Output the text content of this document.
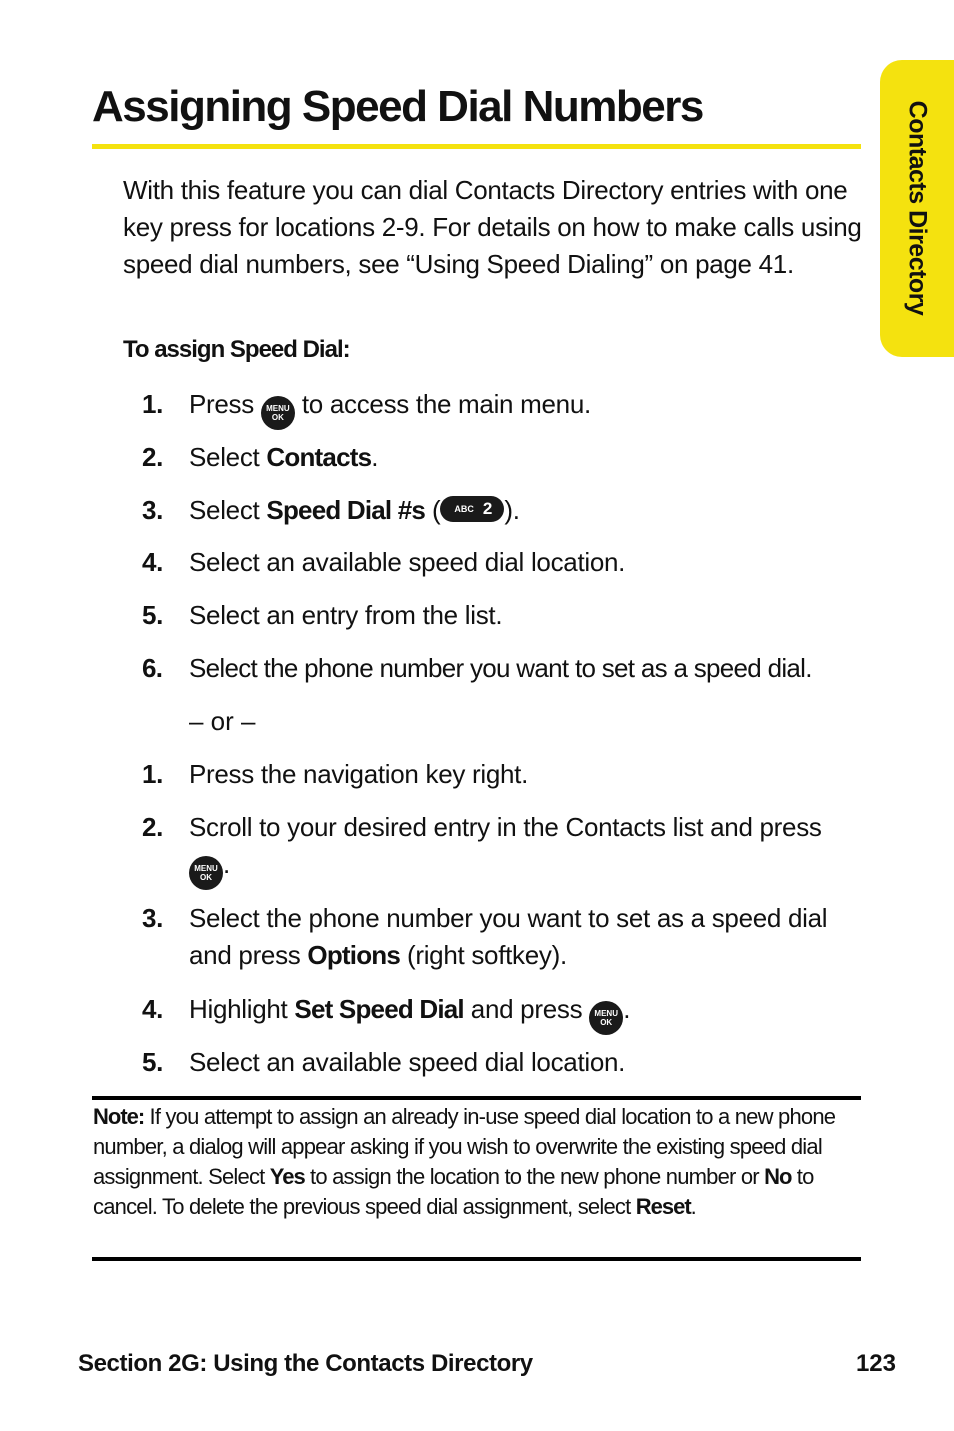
Assigning Speed Dial Numbers	Contacts Directory

With this feature you can dial Contacts Directory entries with one key press for locations 2-9. For details on how to make calls using speed dial numbers, see “Using Speed Dialing” on page 41.

To assign Speed Dial:
1. Press MENU
OK to access the main menu.
2. Select Contacts.
3. Select Speed Dial #s ( ABC 2 ).
4. Select an available speed dial location.
5. Select an entry from the list.
6. Select the phone number you want to set as a speed dial.
– or –
1. Press the navigation key right.
2. Scroll to your desired entry in the Contacts list and press MENU
OK .
3. Select the phone number you want to set as a speed dial and press Options (right softkey).
4. Highlight Set Speed Dial and press MENU
OK .
5. Select an available speed dial location.
Note: If you attempt to assign an already in-use speed dial location to a new phone number, a dialog will appear asking if you wish to overwrite the existing speed dial assignment. Select Yes to assign the location to the new phone number or No to cancel. To delete the previous speed dial assignment, select Reset.
Section 2G: Using the Contacts Directory	123
